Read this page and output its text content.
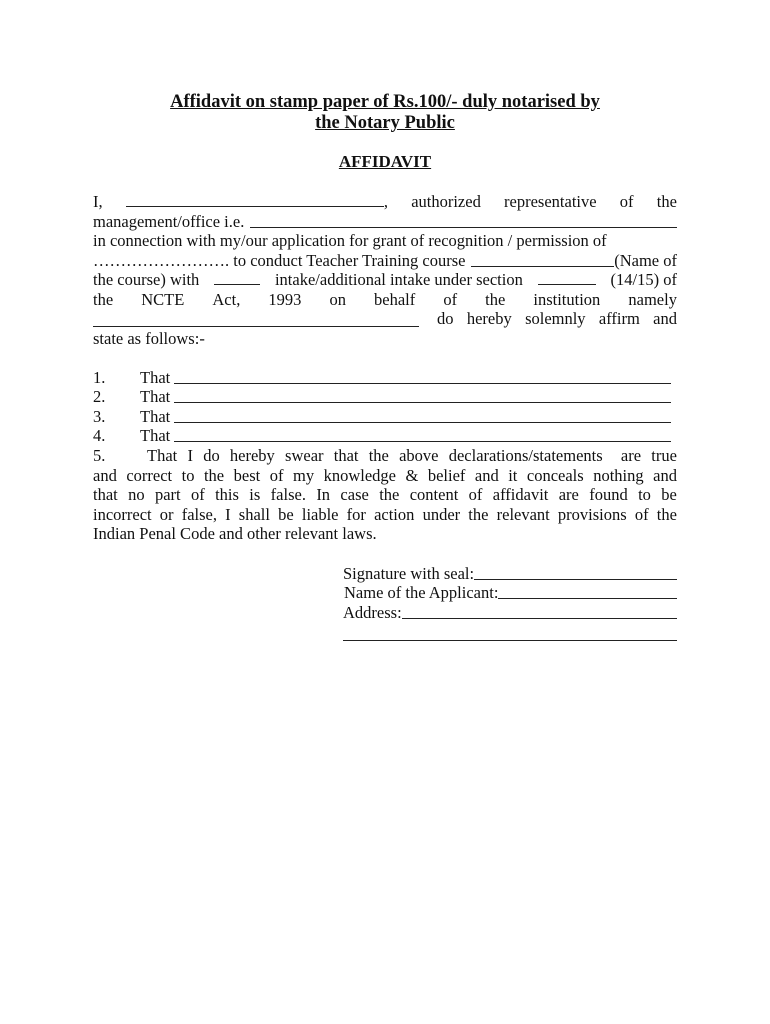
Affidavit on stamp paper of Rs.100/- duly notarised by
the Notary Public
AFFIDAVIT
I,	, authorized representative of the
management/office i.e.
in connection with my/our application for grant of recognition / permission of
……………………. to conduct Teacher Training course	(Name of
the course) with	intake/additional intake under section	(14/15) of
the NCTE Act, 1993 on behalf of the institution namely
do hereby solemnly affirm and
state as follows:-
1. That
2. That
3. That
4. That
5.	That I do hereby swear that the above declarations/statements are true
and correct to the best of my knowledge & belief and it conceals nothing and
that no part of this is false. In case the content of affidavit are found to be
incorrect or false, I shall be liable for action under the relevant provisions of the
Indian Penal Code and other relevant laws.
Signature with seal:
Name of the Applicant:
Address:
